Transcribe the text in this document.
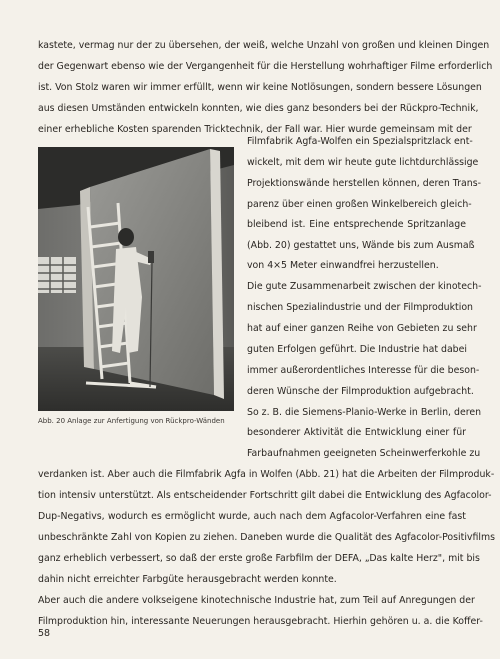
kastete, vermag nur der zu übersehen, der weiß, welche Unzahl von großen und kleinen Dingen
der Gegenwart ebenso wie der Vergangenheit für die Herstellung wohrhaftiger Filme erforderlich
ist. Von Stolz waren wir immer erfüllt, wenn wir keine Notlösungen, sondern bessere Lösungen
aus diesen Umständen entwickeln konnten, wie dies ganz besonders bei der Rückpro-Technik,
einer erhebliche Kosten sparenden Tricktechnik, der Fall war. Hier wurde gemeinsam mit der
Filmfabrik Agfa-Wolfen ein Spezialspritzlack ent-
wickelt, mit dem wir heute gute lichtdurchlässige
Projektionswände herstellen können, deren Trans-
parenz über einen großen Winkelbereich gleich-
bleibend ist. Eine entsprechende Spritzanlage
(Abb. 20) gestattet uns, Wände bis zum Ausmaß
von 4×5 Meter einwandfrei herzustellen.
Die gute Zusammenarbeit zwischen der kinotech-
nischen Spezialindustrie und der Filmproduktion
hat auf einer ganzen Reihe von Gebieten zu sehr
guten Erfolgen geführt. Die Industrie hat dabei
immer außerordentliches Interesse für die beson-
deren Wünsche der Filmproduktion aufgebracht.
So z. B. die Siemens-Planio-Werke in Berlin, deren
besonderer Aktivität die Entwicklung einer für
Farbaufnahmen geeigneten Scheinwerferkohle zu
Abb. 20 Anlage zur Anfertigung von Rückpro-Wänden
verdanken ist. Aber auch die Filmfabrik Agfa in Wolfen (Abb. 21) hat die Arbeiten der Filmproduk-
tion intensiv unterstützt. Als entscheidender Fortschritt gilt dabei die Entwicklung des Agfacolor-
Dup-Negativs, wodurch es ermöglicht wurde, auch nach dem Agfacolor-Verfahren eine fast
unbeschränkte Zahl von Kopien zu ziehen. Daneben wurde die Qualität des Agfacolor-Positivfilms
ganz erheblich verbessert, so daß der erste große Farbfilm der DEFA, „Das kalte Herz", mit bis
dahin nicht erreichter Farbgüte herausgebracht werden konnte.
Aber auch die andere volkseigene kinotechnische Industrie hat, zum Teil auf Anregungen der
Filmproduktion hin, interessante Neuerungen herausgebracht. Hierhin gehören u. a. die Koffer-
58
